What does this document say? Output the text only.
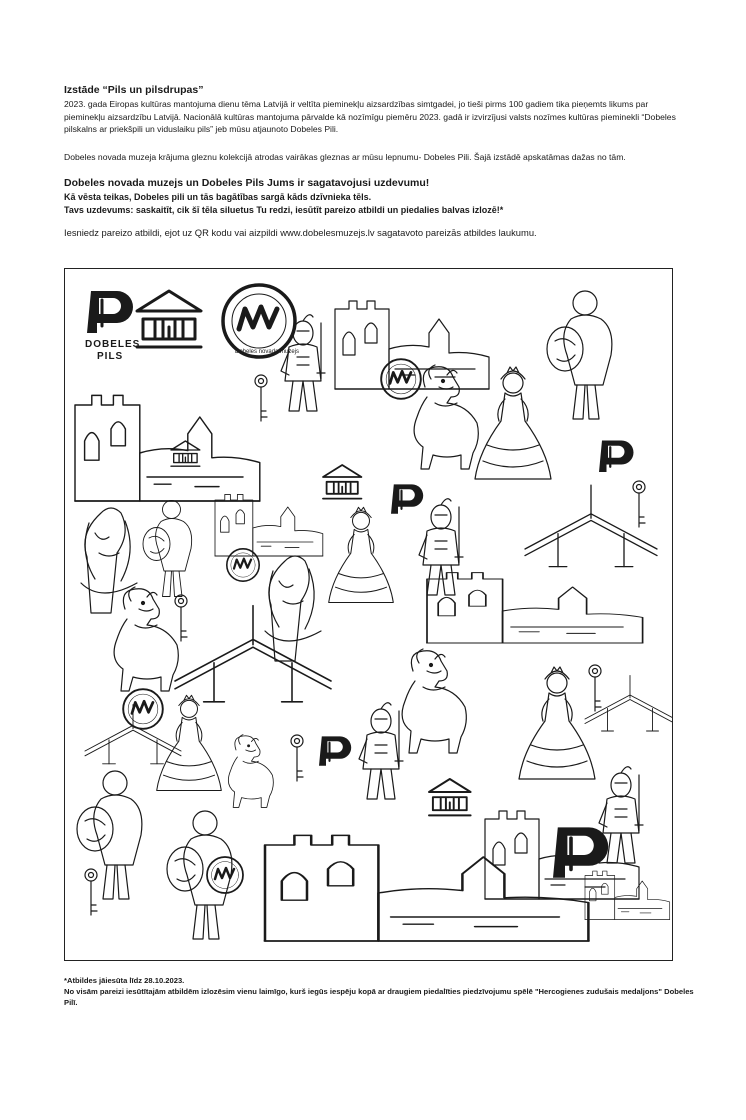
Izstāde “Pils un pilsdrupas”
2023. gada Eiropas kultūras mantojuma dienu tēma Latvijā ir veltīta pieminekļu aizsardzības simtgadei, jo tieši pirms 100 gadiem tika pieņemts likums par pieminekļu aizsardzību Latvijā. Nacionālā kultūras mantojuma pārvalde kā nozīmīgu piemēru 2023. gadā ir izvirzījusi valsts nozīmes kultūras pieminekli “Dobeles pilskalns ar priekšpili un viduslaiku pils” jeb mūsu atjaunoto Dobeles Pili.
Dobeles novada muzeja krājuma gleznu kolekcijā atrodas vairākas gleznas ar mūsu lepnumu- Dobeles Pili. Šajā izstādē apskatāmas dažas no tām.
Dobeles novada muzejs un Dobeles Pils Jums ir sagatavojusi uzdevumu!
Kā vēsta teikas, Dobeles pili un tās bagātības sargā kāds dzīvnieka tēls.
Tavs uzdevums: saskaitīt, cik šī tēla siluetus Tu redzi, iesūtīt pareizo atbildi un piedalies balvas izlozē!*
Iesniedz pareizo atbildi, ejot uz QR kodu vai aizpildi www.dobelesmuzejs.lv sagatavoto pareizās atbildes laukumu.
DOBELES
PILS	Dobeles novada muzejs
*Atbildes jāiesūta līdz 28.10.2023.
No visām pareizi iesūtītajām atbildēm izlozēsim vienu laimīgo, kurš iegūs iespēju kopā ar draugiem piedalīties piedzīvojumu spēlē "Hercogienes zudušais medaljons" Dobeles Pilī.
